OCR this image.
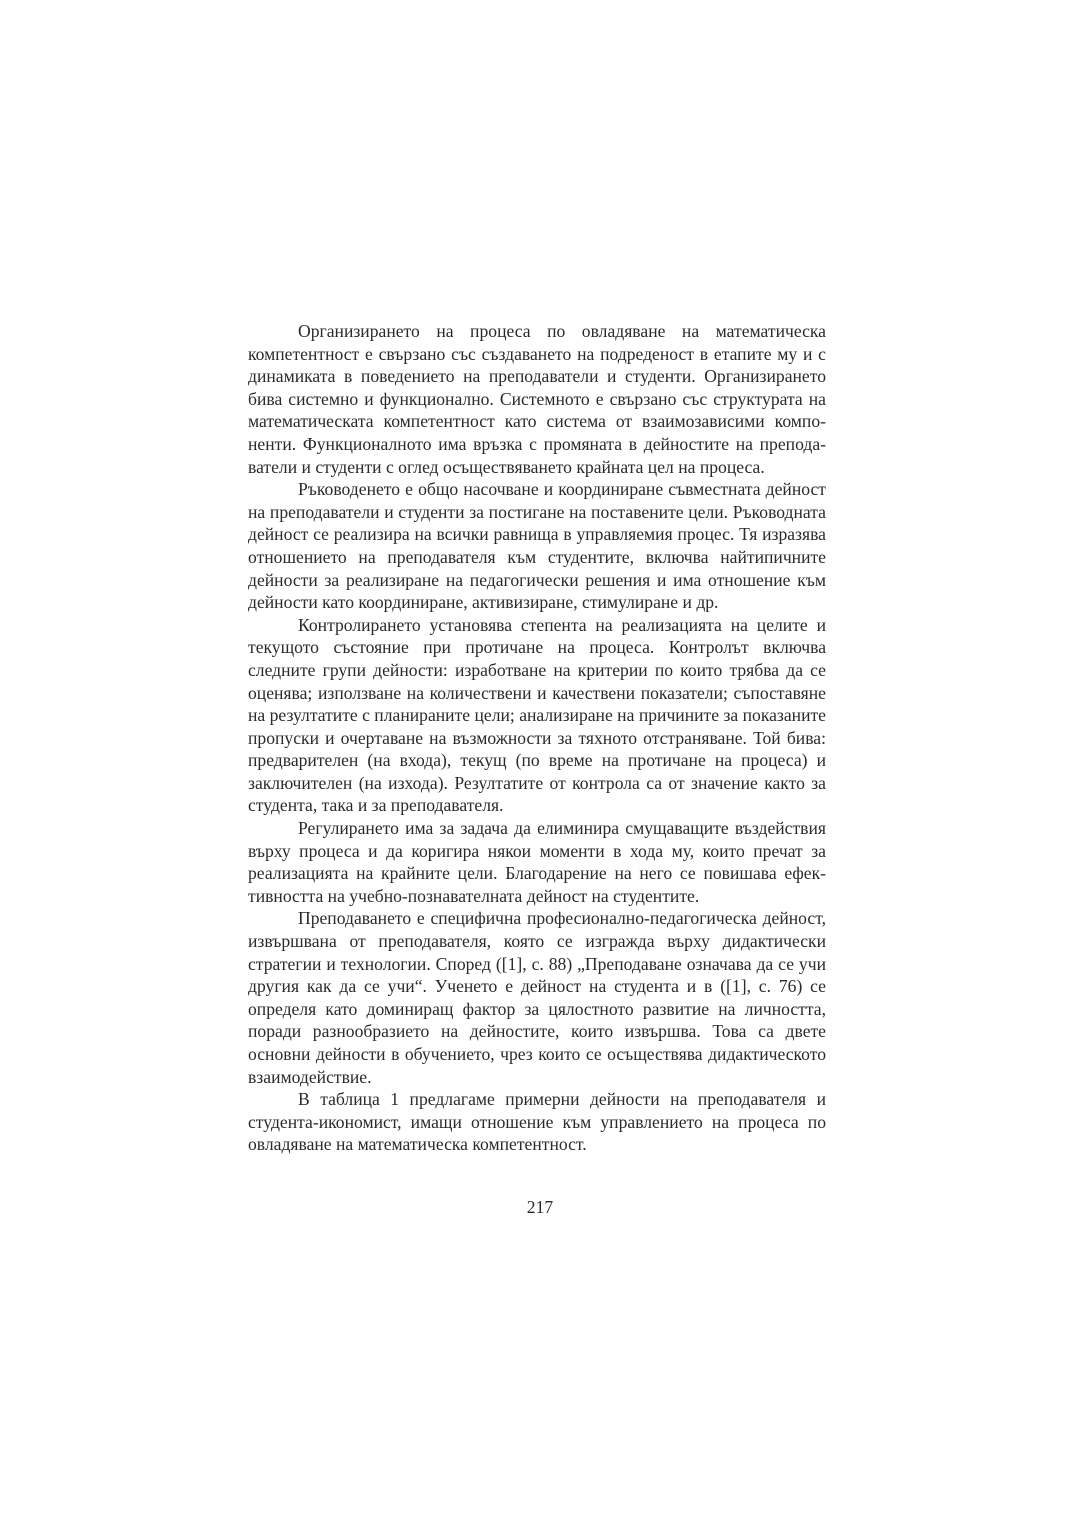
Организирането на процеса по овладяване на математическа компетентност е свързано със създаването на подреденост в етапите му и с динамиката в поведението на преподаватели и студенти. Организирането бива системно и функционално. Системното е свързано със структурата на математическата компетентност като система от взаимозависими компоненти. Функционалното има връзка с промяната в дейностите на преподаватели и студенти с оглед осъществяването крайната цел на процеса.

Ръководенето е общо насочване и координиране съвместната дейност на преподаватели и студенти за постигане на поставените цели. Ръководната дейност се реализира на всички равнища в управляемия процес. Тя изразява отношението на преподавателя към студентите, включва найтипичните дейности за реализиране на педагогически решения и има отношение към дейности като координиране, активизиране, стимулиране и др.

Контролирането установява степента на реализацията на целите и текущото състояние при протичане на процеса. Контролът включва следните групи дейности: изработване на критерии по които трябва да се оценява; използване на количествени и качествени показатели; съпоставяне на резултатите с планираните цели; анализиране на причините за показаните пропуски и очертаване на възможности за тяхното отстраняване. Той бива: предварителен (на входа), текущ (по време на протичане на процеса) и заключителен (на изхода). Резултатите от контрола са от значение както за студента, така и за преподавателя.

Регулирането има за задача да елиминира смущаващите въздействия върху процеса и да коригира някои моменти в хода му, които пречат за реализацията на крайните цели. Благодарение на него се повишава ефективността на учебно-познавателната дейност на студентите.

Преподаването е специфична професионално-педагогическа дейност, извършвана от преподавателя, която се изгражда върху дидактически стратегии и технологии. Според ([1], с. 88) „Преподаване означава да се учи другия как да се учи“. Ученето е дейност на студента и в ([1], с. 76) се определя като доминиращ фактор за цялостното развитие на личността, поради разнообразието на дейностите, които извършва. Това са двете основни дейности в обучението, чрез които се осъществява дидактическото взаимодействие.

В таблица 1 предлагаме примерни дейности на преподавателя и студента-икономист, имащи отношение към управлението на процеса по овладяване на математическа компетентност.

217
